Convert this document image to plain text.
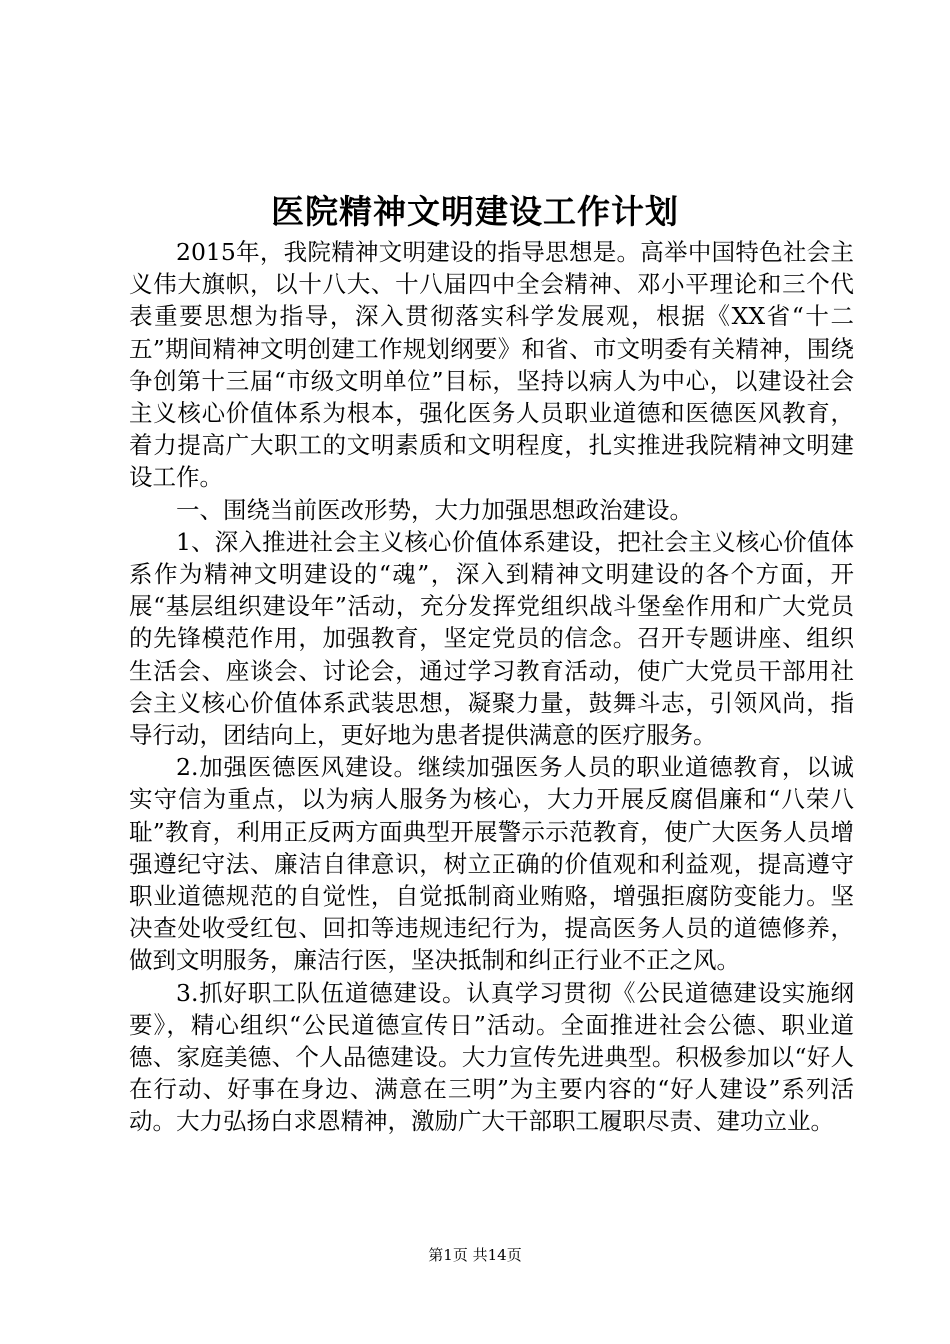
医院精神文明建设工作计划

2015年，我院精神文明建设的指导思想是。高举中国特色社会主义伟大旗帜，以十八大、十八届四中全会精神、邓小平理论和三个代表重要思想为指导，深入贯彻落实科学发展观，根据《XX省“十二五”期间精神文明创建工作规划纲要》和省、市文明委有关精神，围绕争创第十三届“市级文明单位”目标，坚持以病人为中心，以建设社会主义核心价值体系为根本，强化医务人员职业道德和医德医风教育，着力提高广大职工的文明素质和文明程度，扎实推进我院精神文明建设工作。

一、围绕当前医改形势，大力加强思想政治建设。

1、深入推进社会主义核心价值体系建设，把社会主义核心价值体系作为精神文明建设的“魂”，深入到精神文明建设的各个方面，开展“基层组织建设年”活动，充分发挥党组织战斗堡垒作用和广大党员的先锋模范作用，加强教育，坚定党员的信念。召开专题讲座、组织生活会、座谈会、讨论会，通过学习教育活动，使广大党员干部用社会主义核心价值体系武装思想，凝聚力量，鼓舞斗志，引领风尚，指导行动，团结向上，更好地为患者提供满意的医疗服务。

2.加强医德医风建设。继续加强医务人员的职业道德教育，以诚实守信为重点，以为病人服务为核心，大力开展反腐倡廉和“八荣八耻”教育，利用正反两方面典型开展警示示范教育，使广大医务人员增强遵纪守法、廉洁自律意识，树立正确的价值观和利益观，提高遵守职业道德规范的自觉性，自觉抵制商业贿赂，增强拒腐防变能力。坚决查处收受红包、回扣等违规违纪行为，提高医务人员的道德修养，做到文明服务，廉洁行医，坚决抵制和纠正行业不正之风。

3.抓好职工队伍道德建设。认真学习贯彻《公民道德建设实施纲要》，精心组织“公民道德宣传日”活动。全面推进社会公德、职业道德、家庭美德、个人品德建设。大力宣传先进典型。积极参加以“好人在行动、好事在身边、满意在三明”为主要内容的“好人建设”系列活动。大力弘扬白求恩精神，激励广大干部职工履职尽责、建功立业。

第1页 共14页
